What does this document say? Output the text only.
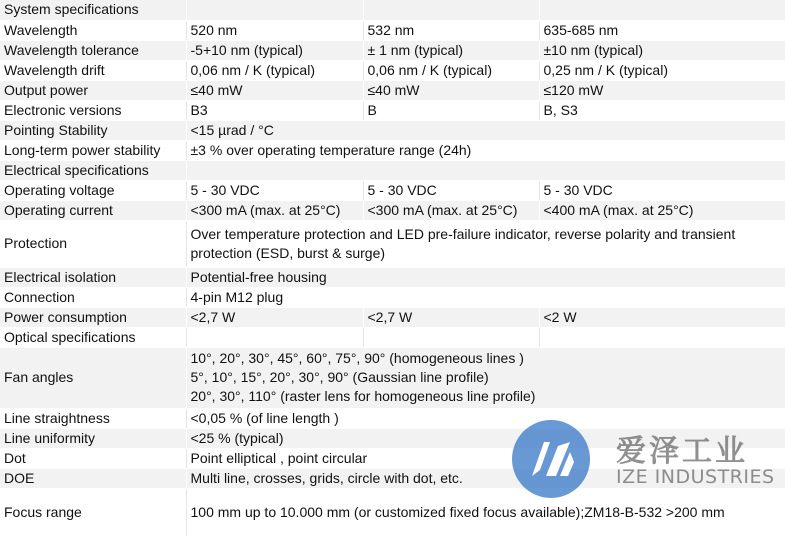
System specifications			
Wavelength	520 nm	532 nm	635-685 nm
Wavelength tolerance	-5+10 nm (typical)	± 1 nm (typical)	±10 nm (typical)
Wavelength drift	0,06 nm / K (typical)	0,06 nm / K (typical)	0,25 nm / K (typical)
Output power	≤40 mW	≤40 mW	≤120 mW
Electronic versions	B3	B	B, S3
Pointing Stability	<15 µrad / °C		
Long-term power stability	±3 % over operating temperature range (24h)		
Electrical specifications			
Operating voltage	5 - 30 VDC	5 - 30 VDC	5 - 30 VDC
Operating current	<300 mA (max. at 25°C)	<300 mA (max. at 25°C)	<400 mA (max. at 25°C)
Protection	Over temperature protection and LED pre-failure indicator, reverse polarity and transient
protection (ESD, burst & surge)		

Electrical isolation	Potential-free housing		
Connection	4-pin M12 plug		
Power consumption	<2,7 W	<2,7 W	<2 W
Optical specifications			
Fan angles	10°, 20°, 30°, 45°, 60°, 75°, 90° (homogeneous lines )
5°, 10°, 15°, 20°, 30°, 90° (Gaussian line profile)
20°, 30°, 110° (raster lens for homogeneous line profile)		

Line straightness	<0,05 % (of line length )		
Line uniformity	<25 % (typical)		
Dot	Point elliptical , point circular		
DOE	Multi line, crosses, grids, circle with dot, etc.		
Focus range	100 mm up to 10.000 mm (or customized fixed focus available);ZM18-B-532 >200 mm		
爱泽工业
IZE INDUSTRIES
